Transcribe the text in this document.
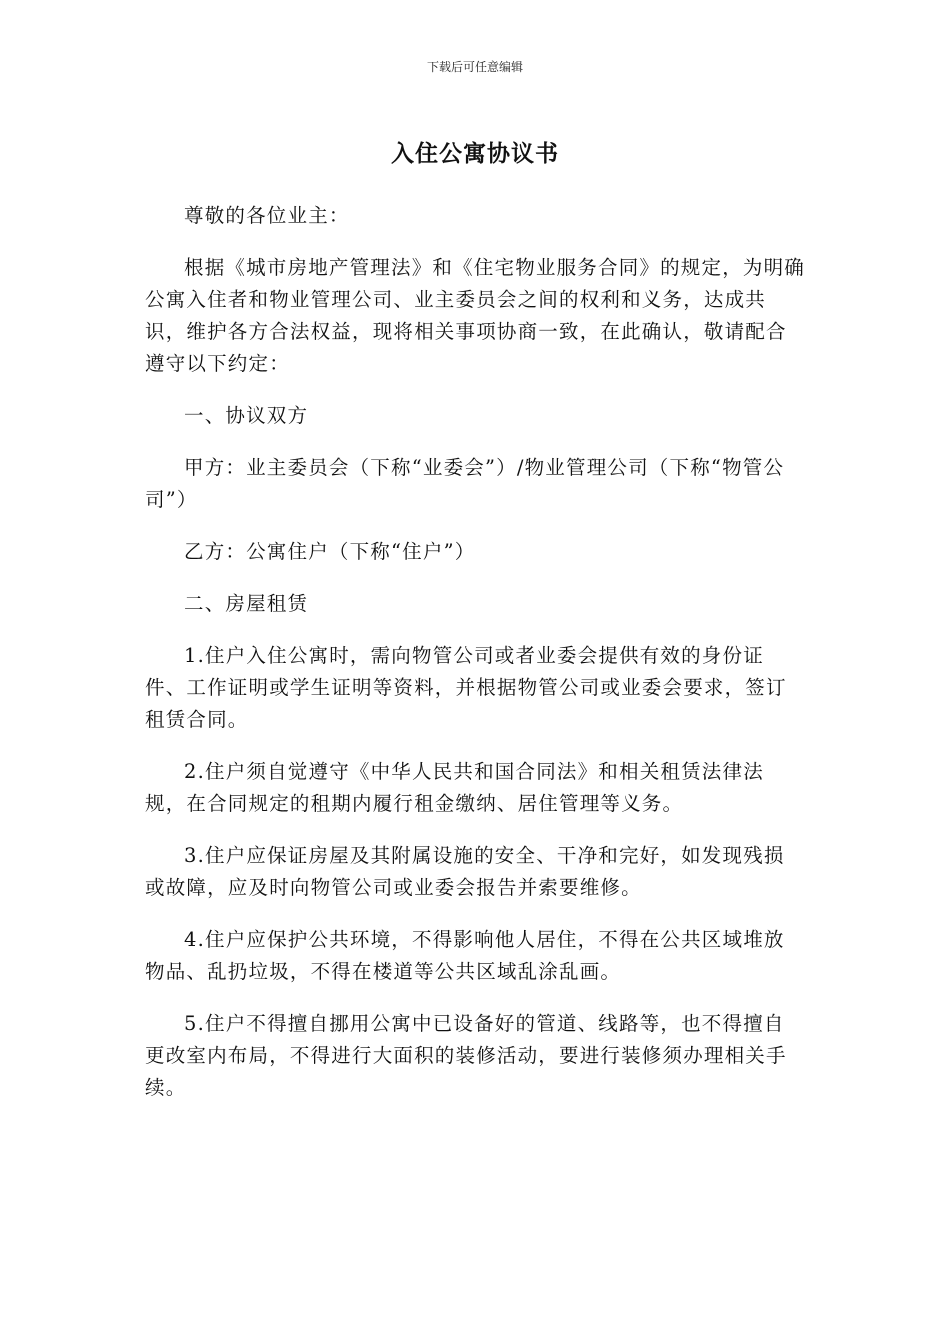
下载后可任意编辑
入住公寓协议书

尊敬的各位业主：

根据《城市房地产管理法》和《住宅物业服务合同》的规定，为明确公寓入住者和物业管理公司、业主委员会之间的权利和义务，达成共识，维护各方合法权益，现将相关事项协商一致，在此确认，敬请配合遵守以下约定：

一、协议双方

甲方：业主委员会（下称“业委会”）/物业管理公司（下称“物管公司”）

乙方：公寓住户（下称“住户”）

二、房屋租赁

1.住户入住公寓时，需向物管公司或者业委会提供有效的身份证件、工作证明或学生证明等资料，并根据物管公司或业委会要求，签订租赁合同。

2.住户须自觉遵守《中华人民共和国合同法》和相关租赁法律法规，在合同规定的租期内履行租金缴纳、居住管理等义务。

3.住户应保证房屋及其附属设施的安全、干净和完好，如发现残损或故障，应及时向物管公司或业委会报告并索要维修。

4.住户应保护公共环境，不得影响他人居住，不得在公共区域堆放物品、乱扔垃圾，不得在楼道等公共区域乱涂乱画。

5.住户不得擅自挪用公寓中已设备好的管道、线路等，也不得擅自更改室内布局，不得进行大面积的装修活动，要进行装修须办理相关手续。
